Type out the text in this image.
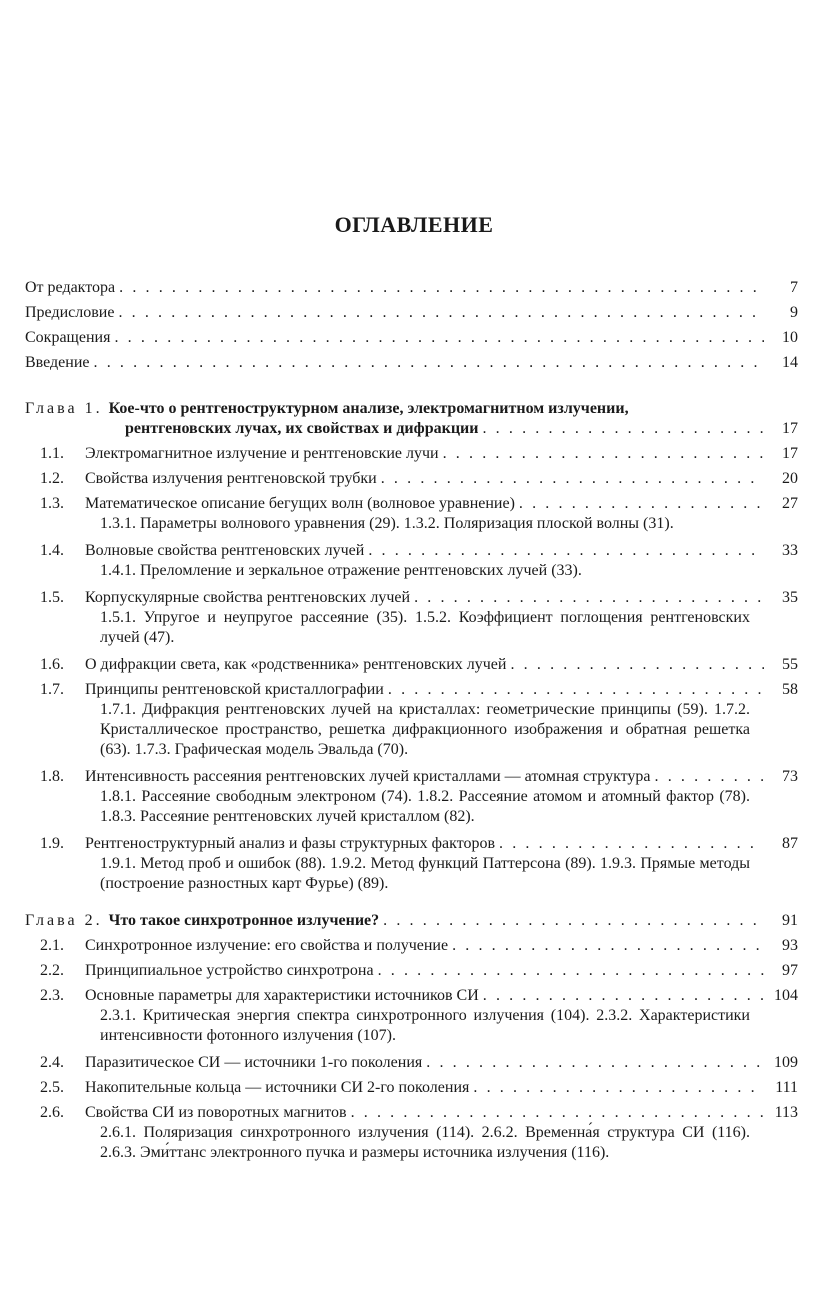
ОГЛАВЛЕНИЕ
От редактора . . .	7
Предисловие . . .	9
Сокращения . . .	10
Введение . . .	14
Глава 1. Кое-что о рентгеноструктурном анализе, электромагнитном излучении,
рентгеновских лучах, их свойствах и дифракции . . .	17
1.1. Электромагнитное излучение и рентгеновские лучи . . .	17
1.2. Свойства излучения рентгеновской трубки . . .	20
1.3. Математическое описание бегущих волн (волновое уравнение) . . .	27
1.3.1. Параметры волнового уравнения (29). 1.3.2. Поляризация плоской волны (31).
1.4. Волновые свойства рентгеновских лучей . . .	33
1.4.1. Преломление и зеркальное отражение рентгеновских лучей (33).
1.5. Корпускулярные свойства рентгеновских лучей . . .	35
1.5.1. Упругое и неупругое рассеяние (35). 1.5.2. Коэффициент поглощения рентгеновских лучей (47).
1.6. О дифракции света, как «родственника» рентгеновских лучей . . .	55
1.7. Принципы рентгеновской кристаллографии . . .	58
1.7.1. Дифракция рентгеновских лучей на кристаллах: геометрические принципы (59). 1.7.2. Кристаллическое пространство, решетка дифракционного изображения и обратная решетка (63). 1.7.3. Графическая модель Эвальда (70).
1.8. Интенсивность рассеяния рентгеновских лучей кристаллами — атомная структура . . .	73
1.8.1. Рассеяние свободным электроном (74). 1.8.2. Рассеяние атомом и атомный фактор (78). 1.8.3. Рассеяние рентгеновских лучей кристаллом (82).
1.9. Рентгеноструктурный анализ и фазы структурных факторов . . .	87
1.9.1. Метод проб и ошибок (88). 1.9.2. Метод функций Паттерсона (89). 1.9.3. Прямые методы (построение разностных карт Фурье) (89).
Глава 2. Что такое синхротронное излучение? . . .	91
2.1. Синхротронное излучение: его свойства и получение . . .	93
2.2. Принципиальное устройство синхротрона . . .	97
2.3. Основные параметры для характеристики источников СИ . . .	104
2.3.1. Критическая энергия спектра синхротронного излучения (104). 2.3.2. Характеристики интенсивности фотонного излучения (107).
2.4. Паразитическое СИ — источники 1-го поколения . . .	109
2.5. Накопительные кольца — источники СИ 2-го поколения . . .	111
2.6. Свойства СИ из поворотных магнитов . . .	113
2.6.1. Поляризация синхротронного излучения (114). 2.6.2. Временна́я структура СИ (116). 2.6.3. Эми́ттанс электронного пучка и размеры источника излучения (116).
